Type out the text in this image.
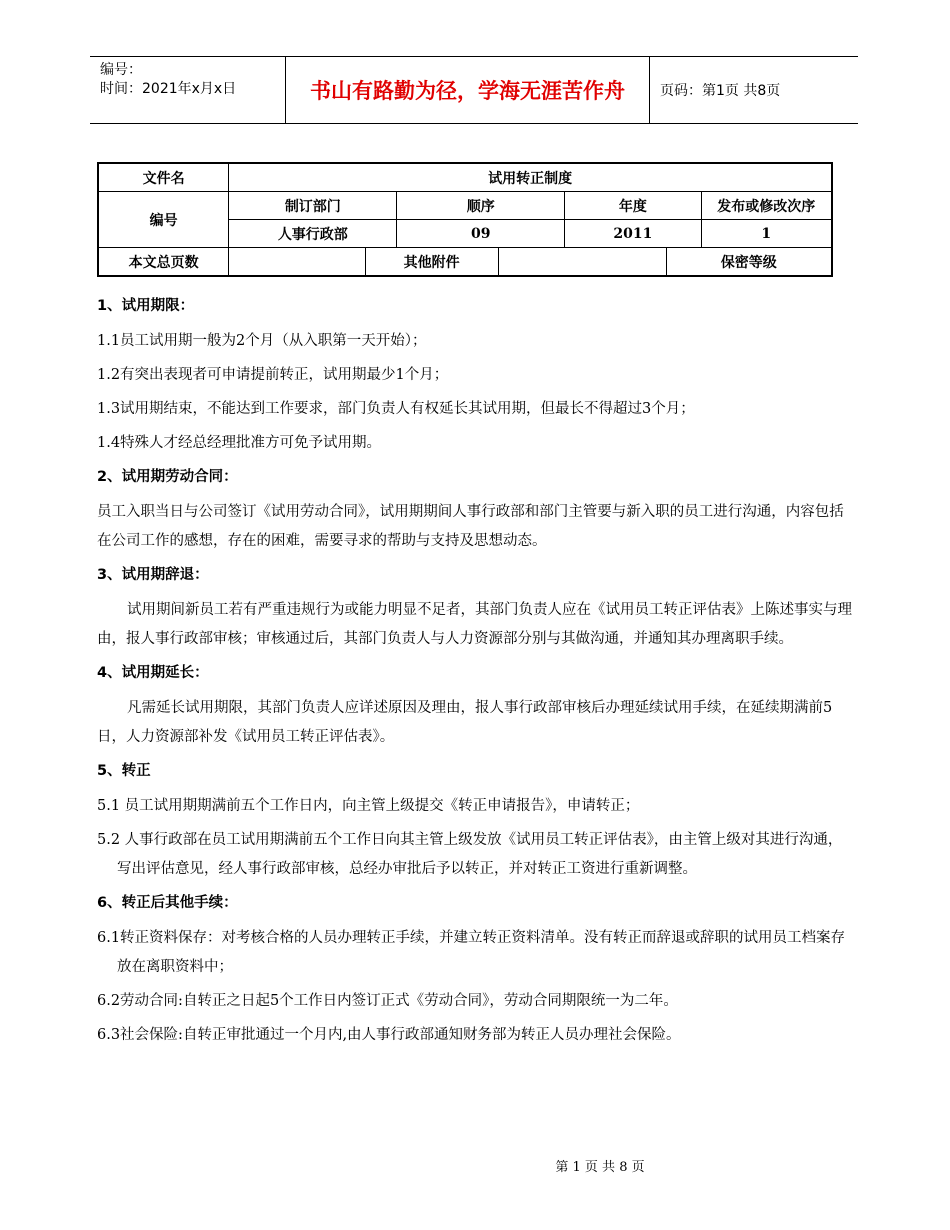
编号：
时间：2021年x月x日	书山有路勤为径，学海无涯苦作舟	页码：第1页 共8页
文件名	试用转正制度						
编号	制订部门		顺序		年度		发布或修改次序
	人事行政部		09		2011		1
本文总页数		其他附件				保密等级	
1、试用期限：
1.1员工试用期一般为2个月（从入职第一天开始）；
1.2有突出表现者可申请提前转正，试用期最少1个月；
1.3试用期结束，不能达到工作要求，部门负责人有权延长其试用期，但最长不得超过3个月；
1.4特殊人才经总经理批准方可免予试用期。
2、试用期劳动合同：
员工入职当日与公司签订《试用劳动合同》，试用期期间人事行政部和部门主管要与新入职的员工进行沟通，内容包括在公司工作的感想，存在的困难，需要寻求的帮助与支持及思想动态。
3、试用期辞退：
试用期间新员工若有严重违规行为或能力明显不足者，其部门负责人应在《试用员工转正评估表》上陈述事实与理由，报人事行政部审核；审核通过后，其部门负责人与人力资源部分别与其做沟通，并通知其办理离职手续。
4、试用期延长：
凡需延长试用期限，其部门负责人应详述原因及理由，报人事行政部审核后办理延续试用手续，在延续期满前5日，人力资源部补发《试用员工转正评估表》。
5、转正
5.1 员工试用期期满前五个工作日内，向主管上级提交《转正申请报告》，申请转正；
5.2 人事行政部在员工试用期满前五个工作日向其主管上级发放《试用员工转正评估表》，由主管上级对其进行沟通，写出评估意见，经人事行政部审核，总经办审批后予以转正，并对转正工资进行重新调整。
6、转正后其他手续：
6.1转正资料保存：对考核合格的人员办理转正手续，并建立转正资料清单。没有转正而辞退或辞职的试用员工档案存放在离职资料中；
6.2劳动合同:自转正之日起5个工作日内签订正式《劳动合同》，劳动合同期限统一为二年。
6.3社会保险:自转正审批通过一个月内,由人事行政部通知财务部为转正人员办理社会保险。
第 1 页 共 8 页
